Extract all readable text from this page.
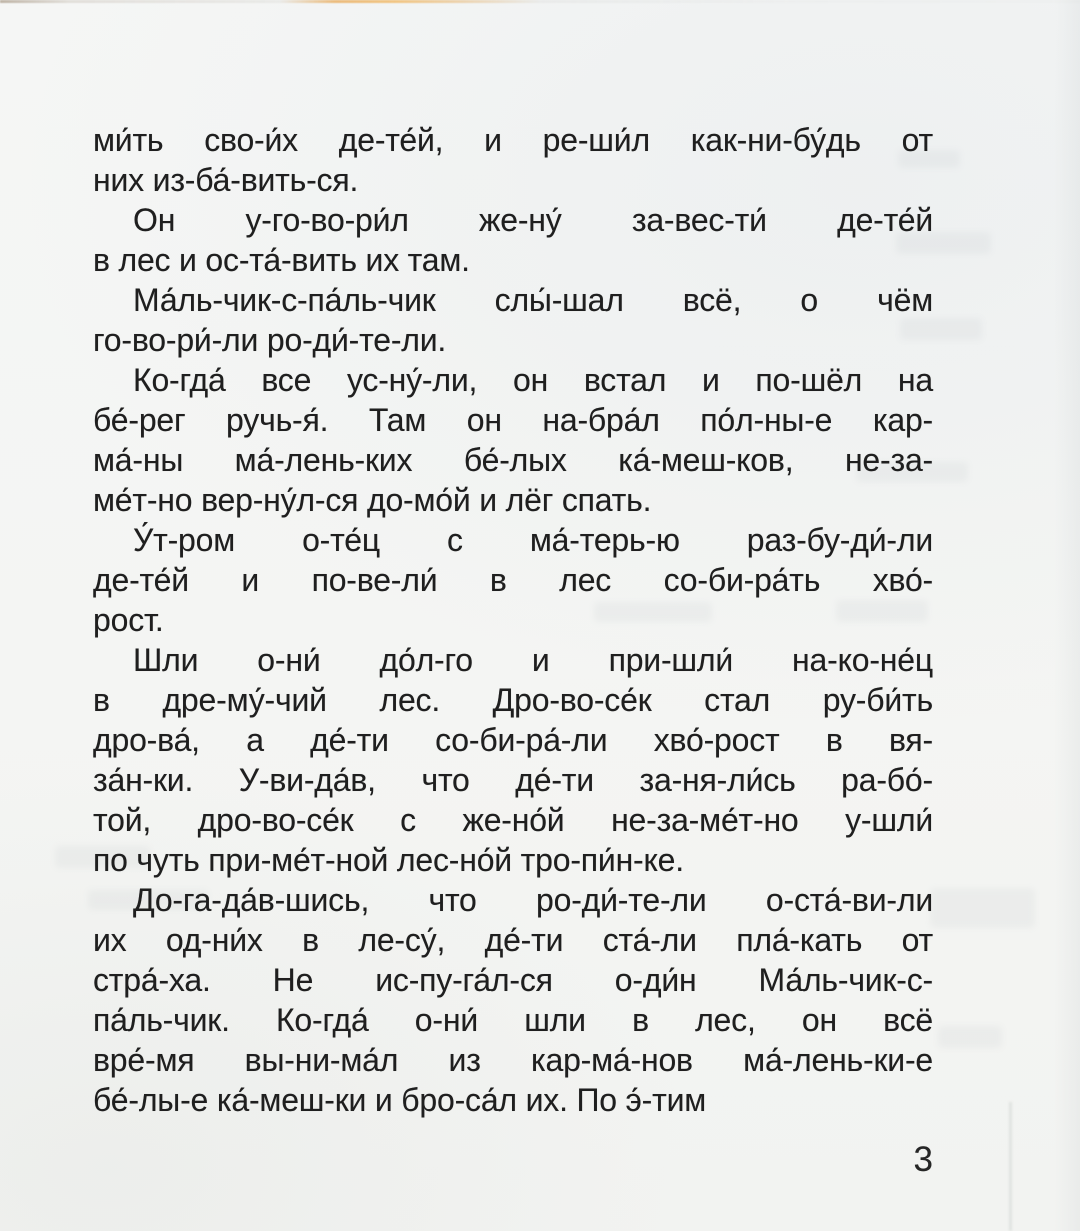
ми́ть сво-и́х де-те́й, и ре-ши́л как-ни-бу́дь от
них из-ба́-вить-ся.
Он у-го-во-ри́л же-ну́ за-вес-ти́ де-те́й
в лес и ос-та́-вить их там.
Ма́ль-чик-с-па́ль-чик слы́-шал всё, о чём
го-во-ри́-ли ро-ди́-те-ли.
Ко-гда́ все ус-ну́-ли, он встал и по-шёл на
бе́-рег ручь-я́. Там он на-бра́л по́л-ны-е кар-
ма́-ны ма́-лень-ких бе́-лых ка́-меш-ков, не-за-
ме́т-но вер-ну́л-ся до-мо́й и лёг спать.
У́т-ром о-те́ц с ма́-терь-ю раз-бу-ди́-ли
де-те́й и по-ве-ли́ в лес со-би-ра́ть хво́-
рост.
Шли о-ни́ до́л-го и при-шли́ на-ко-не́ц
в дре-му́-чий лес. Дро-во-се́к стал ру-би́ть
дро-ва́, а де́-ти со-би-ра́-ли хво́-рост в вя-
за́н-ки. У-ви-да́в, что де́-ти за-ня-ли́сь ра-бо́-
той, дро-во-се́к с же-но́й не-за-ме́т-но у-шли́
по чуть при-ме́т-ной лес-но́й тро-пи́н-ке.
До-га-да́в-шись, что ро-ди́-те-ли о-ста́-ви-ли
их од-ни́х в ле-су́, де́-ти ста́-ли пла́-кать от
стра́-ха. Не ис-пу-га́л-ся о-ди́н Ма́ль-чик-с-
па́ль-чик. Ко-гда́ о-ни́ шли в лес, он всё
вре́-мя вы-ни-ма́л из кар-ма́-нов ма́-лень-ки-е
бе́-лы-е ка́-меш-ки и бро-са́л их. По э́-тим
3
